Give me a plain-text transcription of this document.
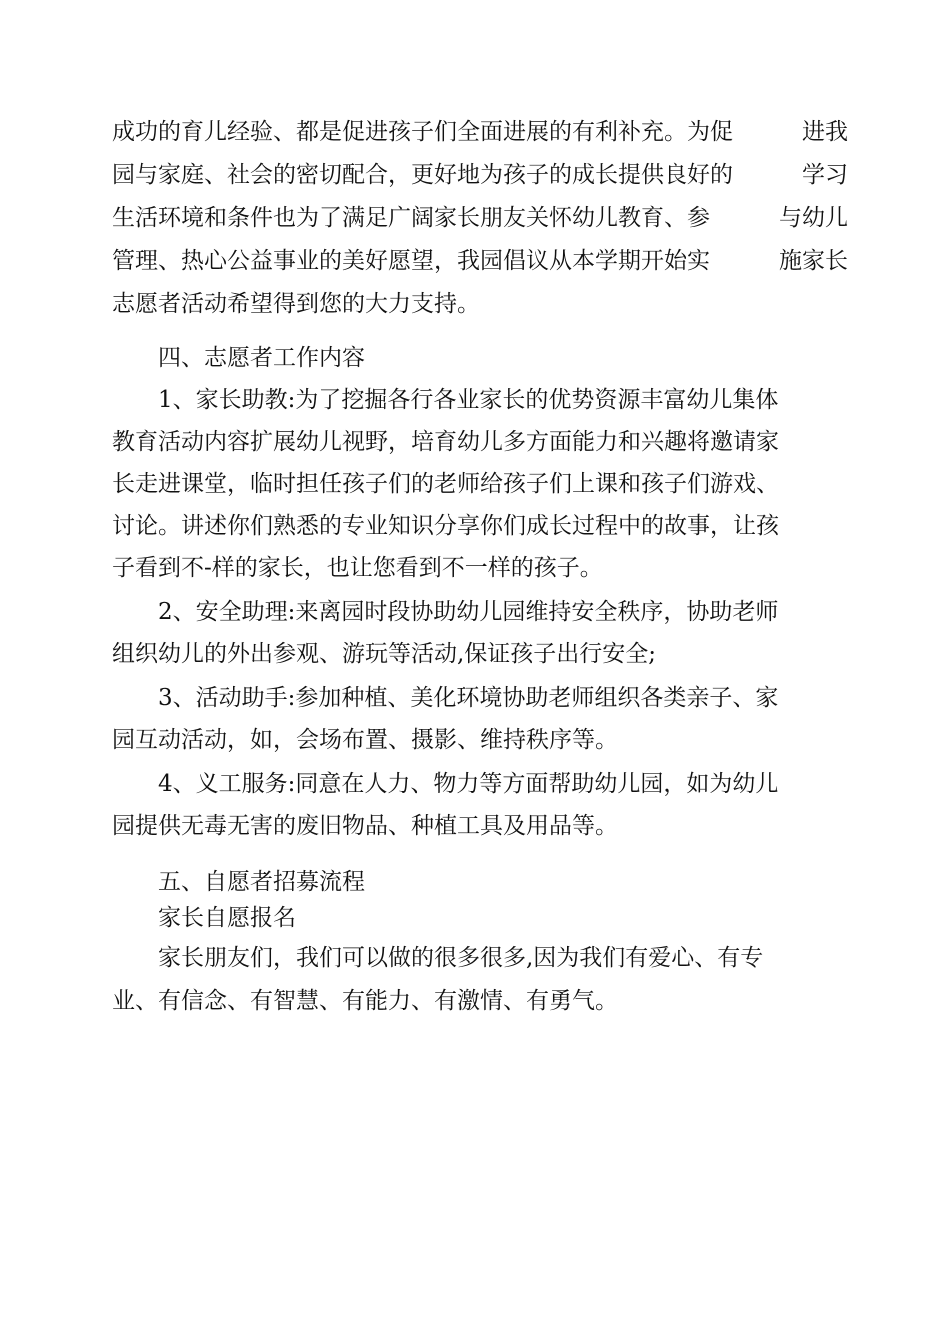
成功的育儿经验、都是促进孩子们全面进展的有利补充。为促	进我
园与家庭、社会的密切配合，更好地为孩子的成长提供良好的	学习
生活环境和条件也为了满足广阔家长朋友关怀幼儿教育、参	与幼儿
管理、热心公益事业的美好愿望，我园倡议从本学期开始实	施家长
志愿者活动希望得到您的大力支持。
四、志愿者工作内容
1、家长助教:为了挖掘各行各业家长的优势资源丰富幼儿集体
教育活动内容扩展幼儿视野，培育幼儿多方面能力和兴趣将邀请家
长走进课堂，临时担任孩子们的老师给孩子们上课和孩子们游戏、
讨论。讲述你们熟悉的专业知识分享你们成长过程中的故事，让孩
子看到不-样的家长，也让您看到不一样的孩子。
2、安全助理:来离园时段协助幼儿园维持安全秩序，协助老师
组织幼儿的外出参观、游玩等活动,保证孩子出行安全;
3、活动助手:参加种植、美化环境协助老师组织各类亲子、家
园互动活动，如，会场布置、摄影、维持秩序等。
4、义工服务:同意在人力、物力等方面帮助幼儿园，如为幼儿
园提供无毒无害的废旧物品、种植工具及用品等。
五、自愿者招募流程
家长自愿报名
家长朋友们，我们可以做的很多很多,因为我们有爱心、有专
业、有信念、有智慧、有能力、有激情、有勇气。
